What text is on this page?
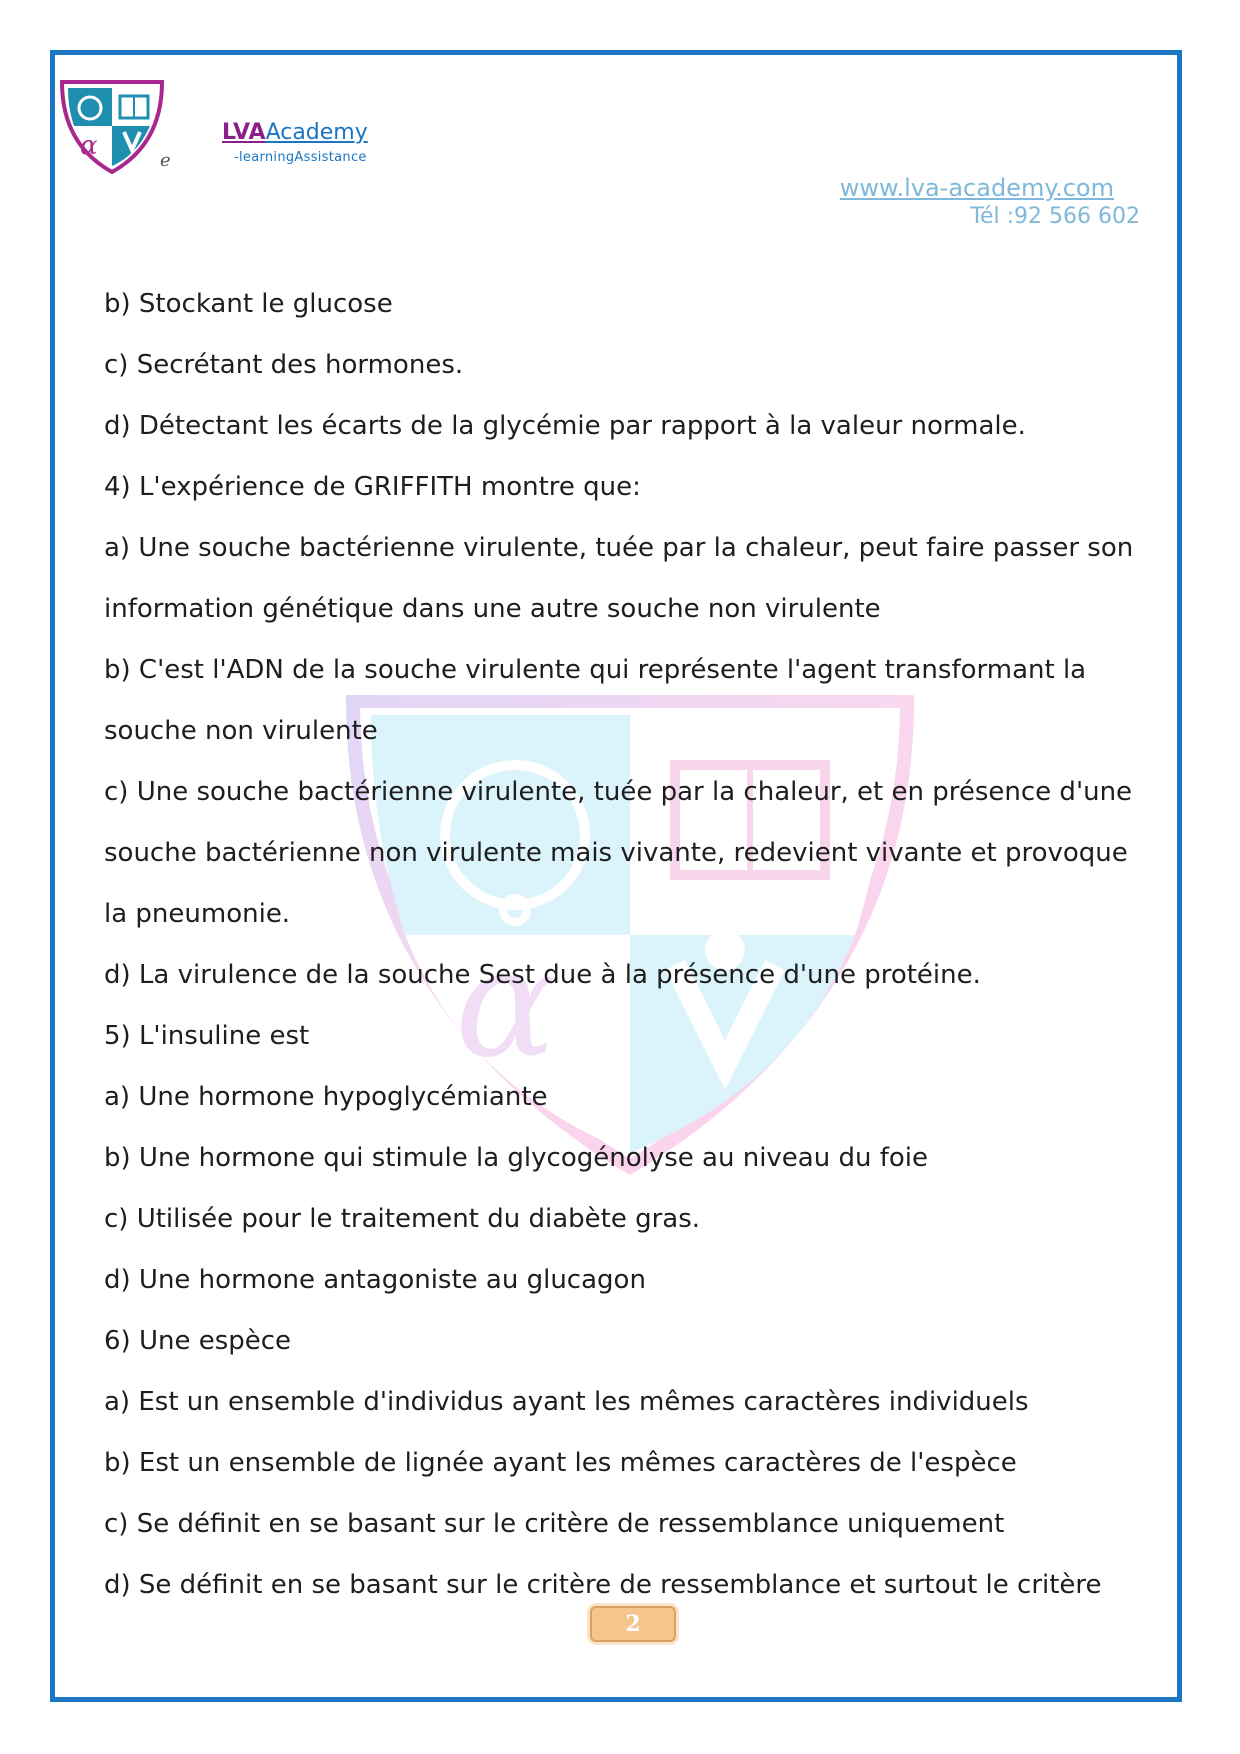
α	e
LVAAcademy
-learningAssistance
www.lva-academy.com
Tél :92 566 602
α
b) Stockant le glucose
c) Secrétant des hormones.
d) Détectant les écarts de la glycémie par rapport à la valeur normale.
4) L'expérience de GRIFFITH montre que:
a) Une souche bactérienne virulente, tuée par la chaleur, peut faire passer son
information génétique dans une autre souche non virulente
b) C'est l'ADN de la souche virulente qui représente l'agent transformant la
souche non virulente
c) Une souche bactérienne virulente, tuée par la chaleur, et en présence d'une
souche bactérienne non virulente mais vivante, redevient vivante et provoque
la pneumonie.
d) La virulence de la souche Sest due à la présence d'une protéine.
5) L'insuline est
a) Une hormone hypoglycémiante
b) Une hormone qui stimule la glycogénolyse au niveau du foie
c) Utilisée pour le traitement du diabète gras.
d) Une hormone antagoniste au glucagon
6) Une espèce
a) Est un ensemble d'individus ayant les mêmes caractères individuels
b) Est un ensemble de lignée ayant les mêmes caractères de l'espèce
c) Se définit en se basant sur le critère de ressemblance uniquement
d) Se définit en se basant sur le critère de ressemblance et surtout le critère
2
